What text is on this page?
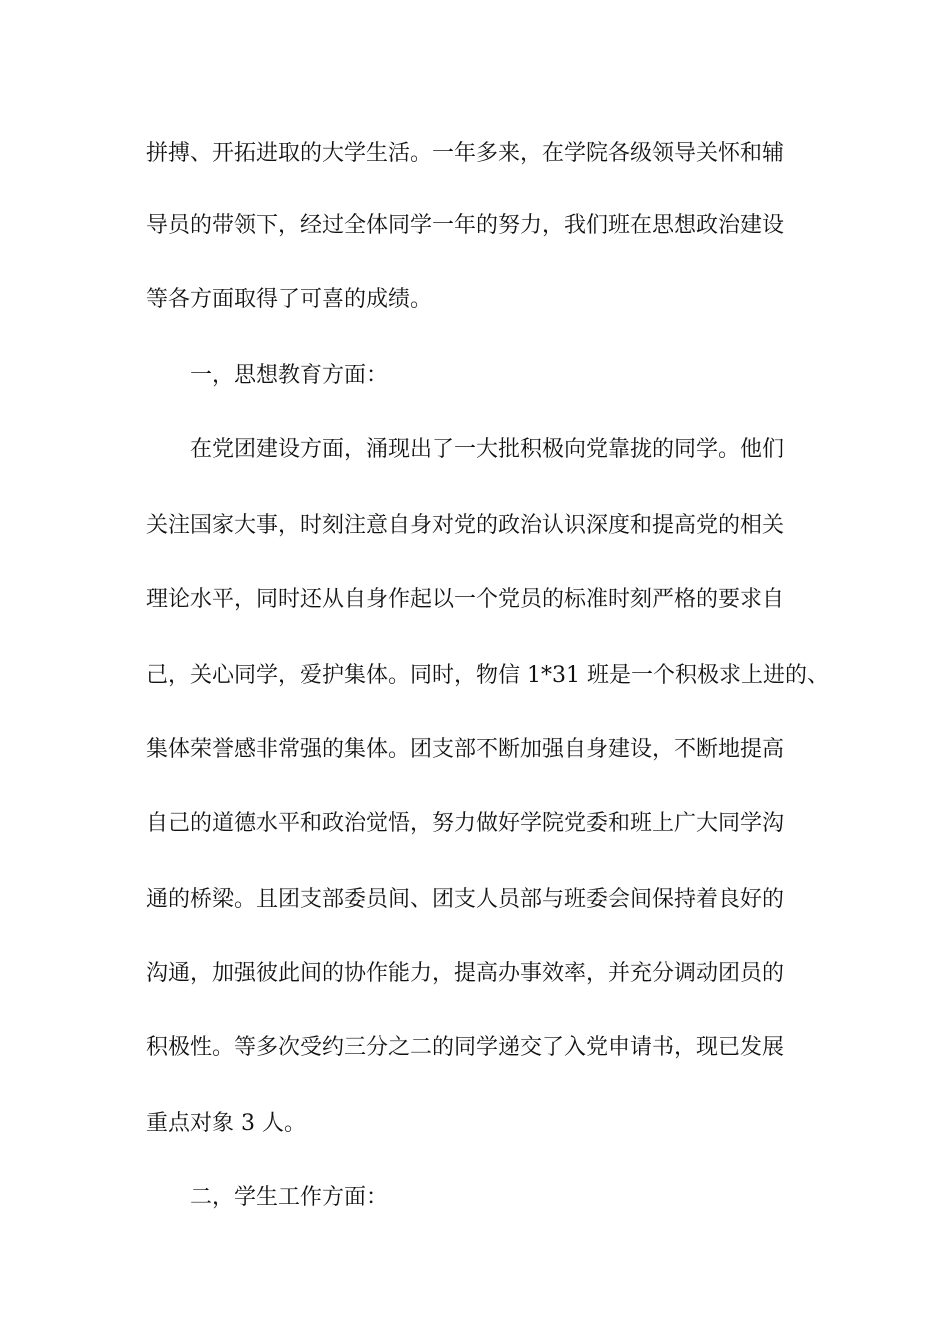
拼搏、开拓进取的大学生活。一年多来，在学院各级领导关怀和辅
导员的带领下，经过全体同学一年的努力，我们班在思想政治建设
等各方面取得了可喜的成绩。
一，思想教育方面：
在党团建设方面，涌现出了一大批积极向党靠拢的同学。他们
关注国家大事，时刻注意自身对党的政治认识深度和提高党的相关
理论水平，同时还从自身作起以一个党员的标准时刻严格的要求自
己，关心同学，爱护集体。同时，物信 1*31 班是一个积极求上进的、
集体荣誉感非常强的集体。团支部不断加强自身建设，不断地提高
自己的道德水平和政治觉悟，努力做好学院党委和班上广大同学沟
通的桥梁。且团支部委员间、团支人员部与班委会间保持着良好的
沟通，加强彼此间的协作能力，提高办事效率，并充分调动团员的
积极性。等多次受约三分之二的同学递交了入党申请书，现已发展
重点对象 3 人。
二，学生工作方面：
